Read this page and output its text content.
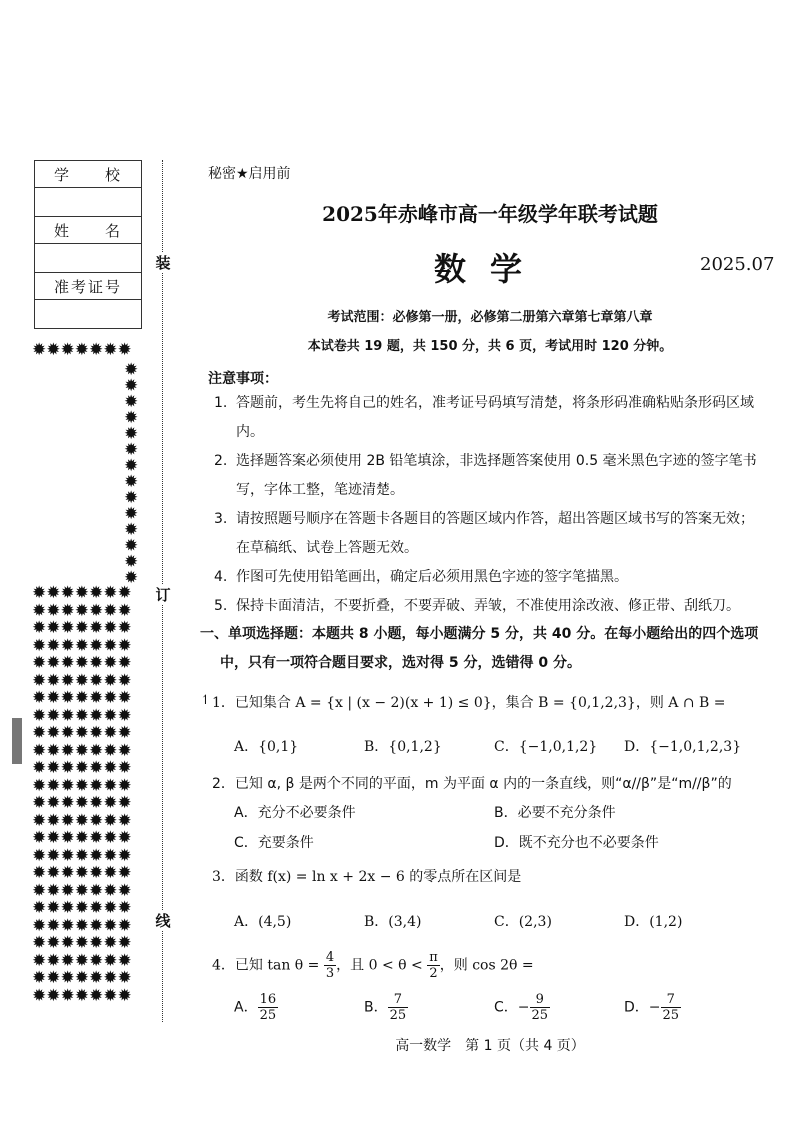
学　　校
姓　　名
准考证号
✹✹✹✹✹✹✹
✹
✹
✹
✹
✹
✹
✹
✹
✹
✹
✹
✹
✹
✹
✹✹✹✹✹✹✹
✹✹✹✹✹✹✹
✹✹✹✹✹✹✹
✹✹✹✹✹✹✹
✹✹✹✹✹✹✹
✹✹✹✹✹✹✹
✹✹✹✹✹✹✹
✹✹✹✹✹✹✹
✹✹✹✹✹✹✹
✹✹✹✹✹✹✹
✹✹✹✹✹✹✹
✹✹✹✹✹✹✹
✹✹✹✹✹✹✹
✹✹✹✹✹✹✹
✹✹✹✹✹✹✹
✹✹✹✹✹✹✹
✹✹✹✹✹✹✹
✹✹✹✹✹✹✹
✹✹✹✹✹✹✹
✹✹✹✹✹✹✹
✹✹✹✹✹✹✹
✹✹✹✹✹✹✹
✹✹✹✹✹✹✹
✹✹✹✹✹✹✹
装
订
线
秘密★启用前
2025年赤峰市高一年级学年联考试题
数学	2025.07
考试范围：必修第一册，必修第二册第六章第七章第八章
本试卷共 19 题，共 150 分，共 6 页，考试用时 120 分钟。
注意事项：
1. 答题前，考生先将自己的姓名，准考证号码填写清楚，将条形码准确粘贴条形码区域
内。
2. 选择题答案必须使用 2B 铅笔填涂，非选择题答案使用 0.5 毫米黑色字迹的签字笔书
写，字体工整，笔迹清楚。
3. 请按照题号顺序在答题卡各题目的答题区域内作答，超出答题区域书写的答案无效；
在草稿纸、试卷上答题无效。
4. 作图可先使用铅笔画出，确定后必须用黑色字迹的签字笔描黑。
5. 保持卡面清洁，不要折叠，不要弄破、弄皱，不准使用涂改液、修正带、刮纸刀。
一、单项选择题：本题共 8 小题，每小题满分 5 分，共 40 分。在每小题给出的四个选项
中，只有一项符合题目要求，选对得 5 分，选错得 0 分。
↿ 1．已知集合 A = {x | (x − 2)(x + 1) ≤ 0}，集合 B = {0,1,2,3}，则 A ∩ B =
A．{0,1}	B．{0,1,2}	C．{−1,0,1,2} D．{−1,0,1,2,3}
2．已知 α, β 是两个不同的平面，m 为平面 α 内的一条直线，则“α//β”是“m//β”的
A．充分不必要条件	B．必要不充分条件
C．充要条件	D．既不充分也不必要条件
3．函数 f(x) = ln x + 2x − 6 的零点所在区间是
A．(4,5)	B．(3,4)	C．(2,3)	D．(1,2)
4．已知 $\tan \theta = \frac{4}{3}$ ，且 $0 < \theta < \frac{\pi}{2}$ ，则 cos 2θ =
A． $\frac{16}{25}$	B． $\frac{7}{25}$	C．− $\frac{9}{25}$	D．− $\frac{7}{25}$
高一数学　第 1 页（共 4 页）
